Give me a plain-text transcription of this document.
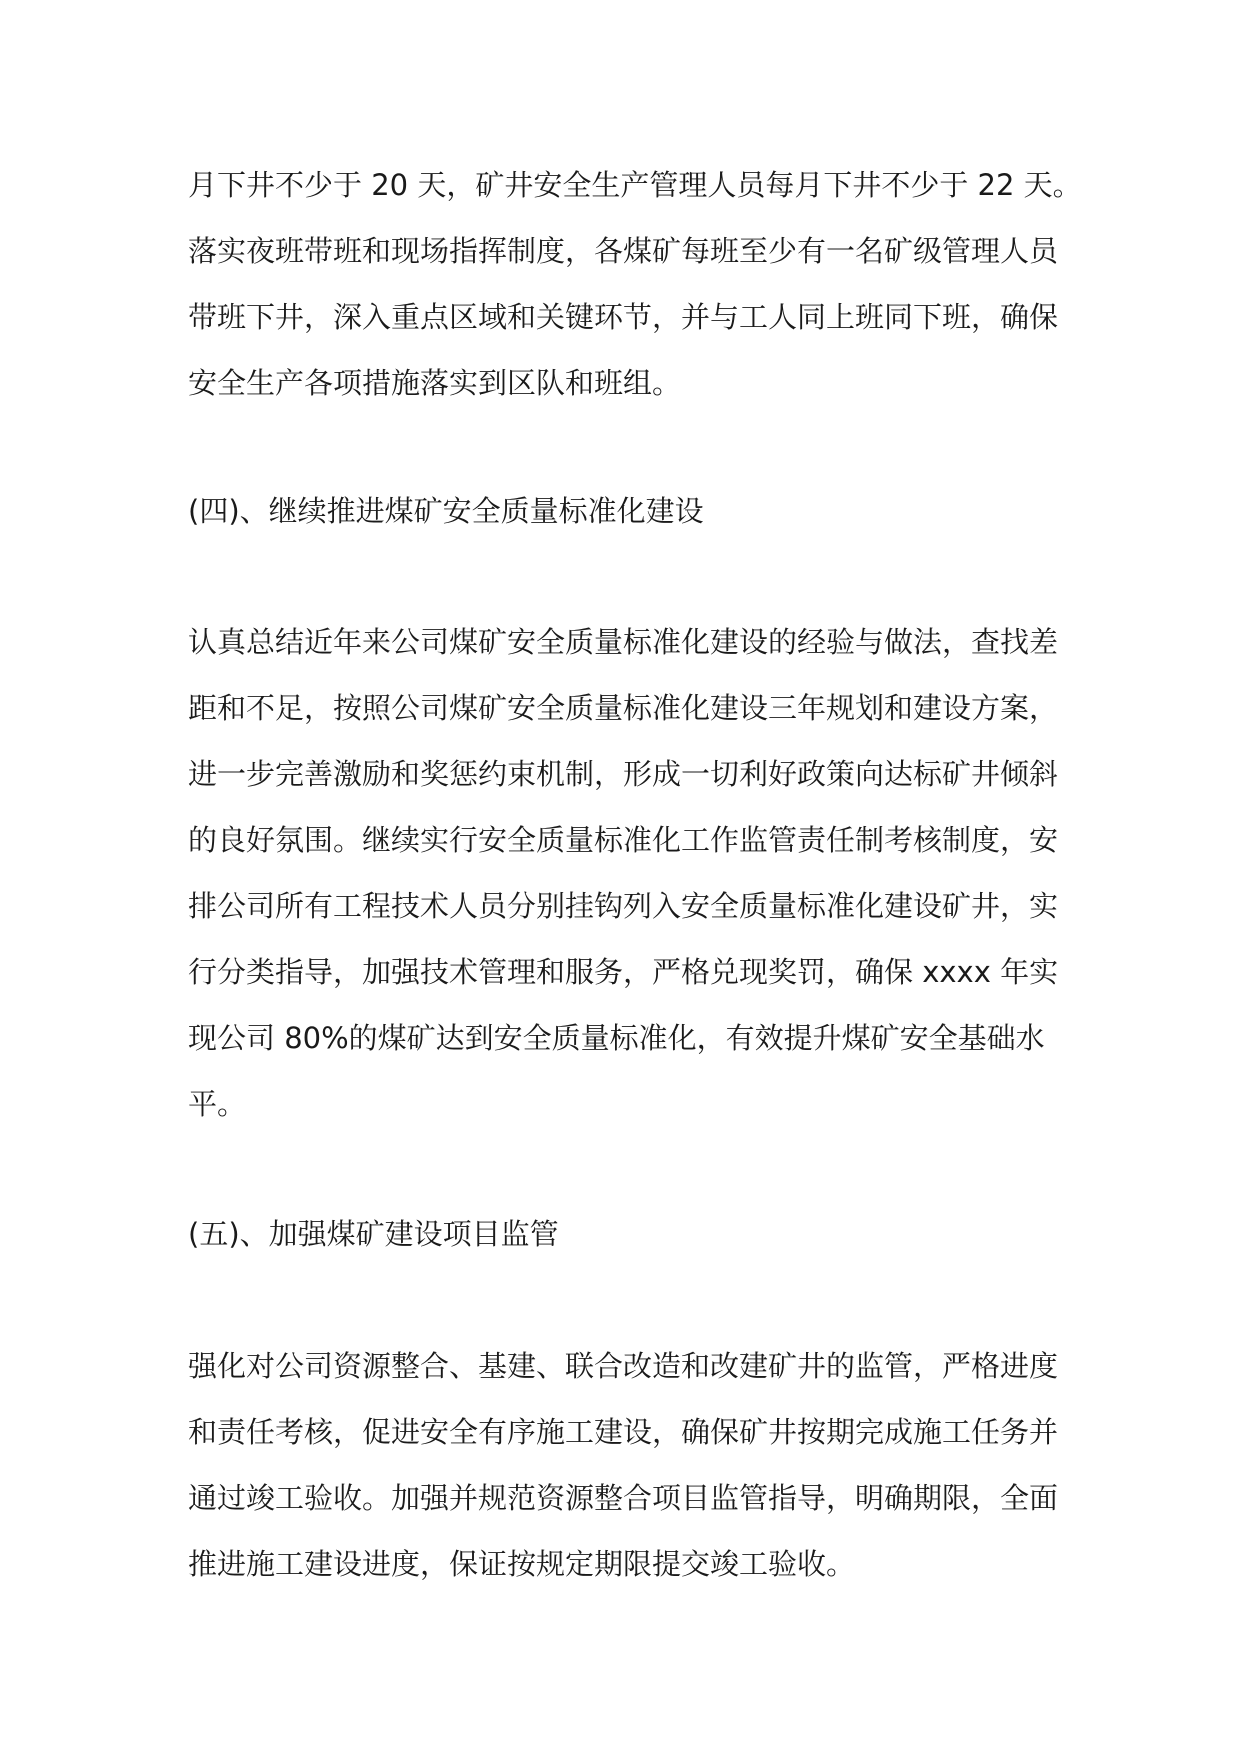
月下井不少于 20 天，矿井安全生产管理人员每月下井不少于 22 天。
落实夜班带班和现场指挥制度，各煤矿每班至少有一名矿级管理人员
带班下井，深入重点区域和关键环节，并与工人同上班同下班，确保
安全生产各项措施落实到区队和班组。
(四)、继续推进煤矿安全质量标准化建设
认真总结近年来公司煤矿安全质量标准化建设的经验与做法，查找差
距和不足，按照公司煤矿安全质量标准化建设三年规划和建设方案，
进一步完善激励和奖惩约束机制，形成一切利好政策向达标矿井倾斜
的良好氛围。继续实行安全质量标准化工作监管责任制考核制度，安
排公司所有工程技术人员分别挂钩列入安全质量标准化建设矿井，实
行分类指导，加强技术管理和服务，严格兑现奖罚，确保 xxxx 年实
现公司 80%的煤矿达到安全质量标准化，有效提升煤矿安全基础水
平。
(五)、加强煤矿建设项目监管
强化对公司资源整合、基建、联合改造和改建矿井的监管，严格进度
和责任考核，促进安全有序施工建设，确保矿井按期完成施工任务并
通过竣工验收。加强并规范资源整合项目监管指导，明确期限，全面
推进施工建设进度，保证按规定期限提交竣工验收。
